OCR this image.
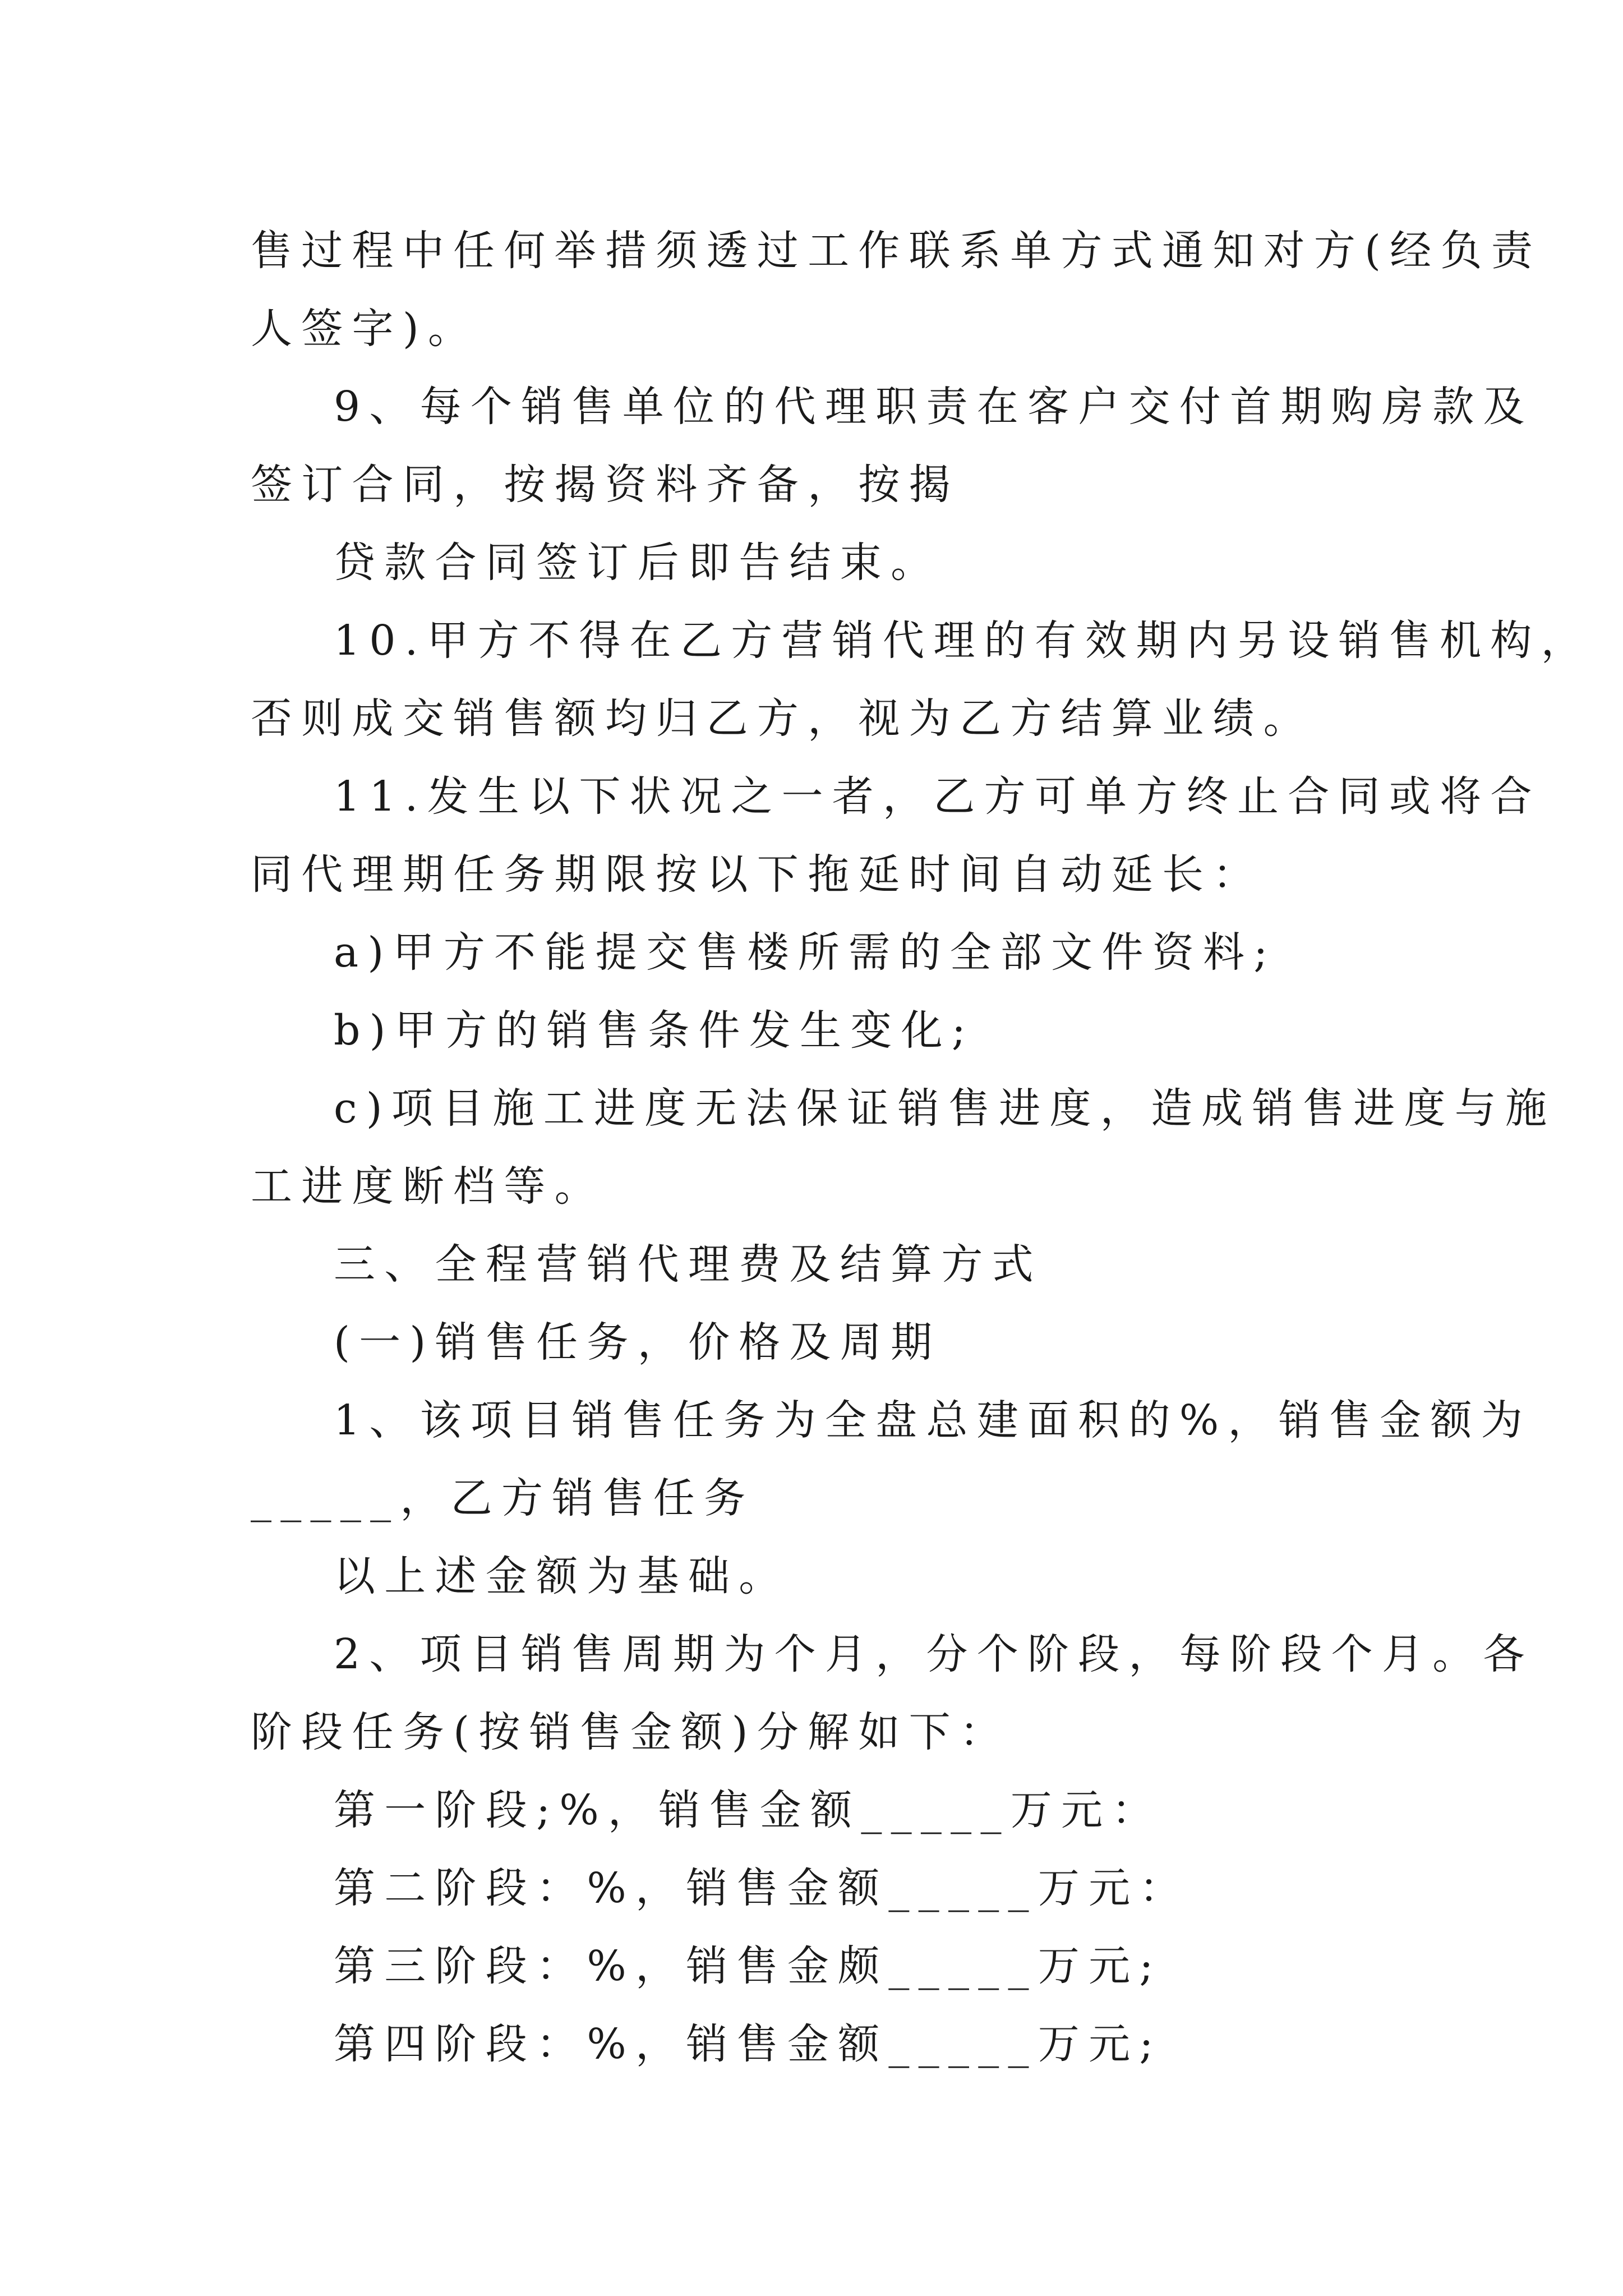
售过程中任何举措须透过工作联系单方式通知对方(经负责

人签字)。

9、每个销售单位的代理职责在客户交付首期购房款及

签订合同，按揭资料齐备，按揭

贷款合同签订后即告结束。

10.甲方不得在乙方营销代理的有效期内另设销售机构，

否则成交销售额均归乙方，视为乙方结算业绩。

11.发生以下状况之一者，乙方可单方终止合同或将合

同代理期任务期限按以下拖延时间自动延长：

a)甲方不能提交售楼所需的全部文件资料;

b)甲方的销售条件发生变化;

c)项目施工进度无法保证销售进度，造成销售进度与施

工进度断档等。

三、全程营销代理费及结算方式

(一)销售任务，价格及周期

1、该项目销售任务为全盘总建面积的%，销售金额为

_____，乙方销售任务

以上述金额为基础。

2、项目销售周期为个月，分个阶段，每阶段个月。各

阶段任务(按销售金额)分解如下：

第一阶段;%，销售金额_____万元：

第二阶段：%，销售金额_____万元：

第三阶段：%，销售金颇_____万元;

第四阶段：%，销售金额_____万元;
